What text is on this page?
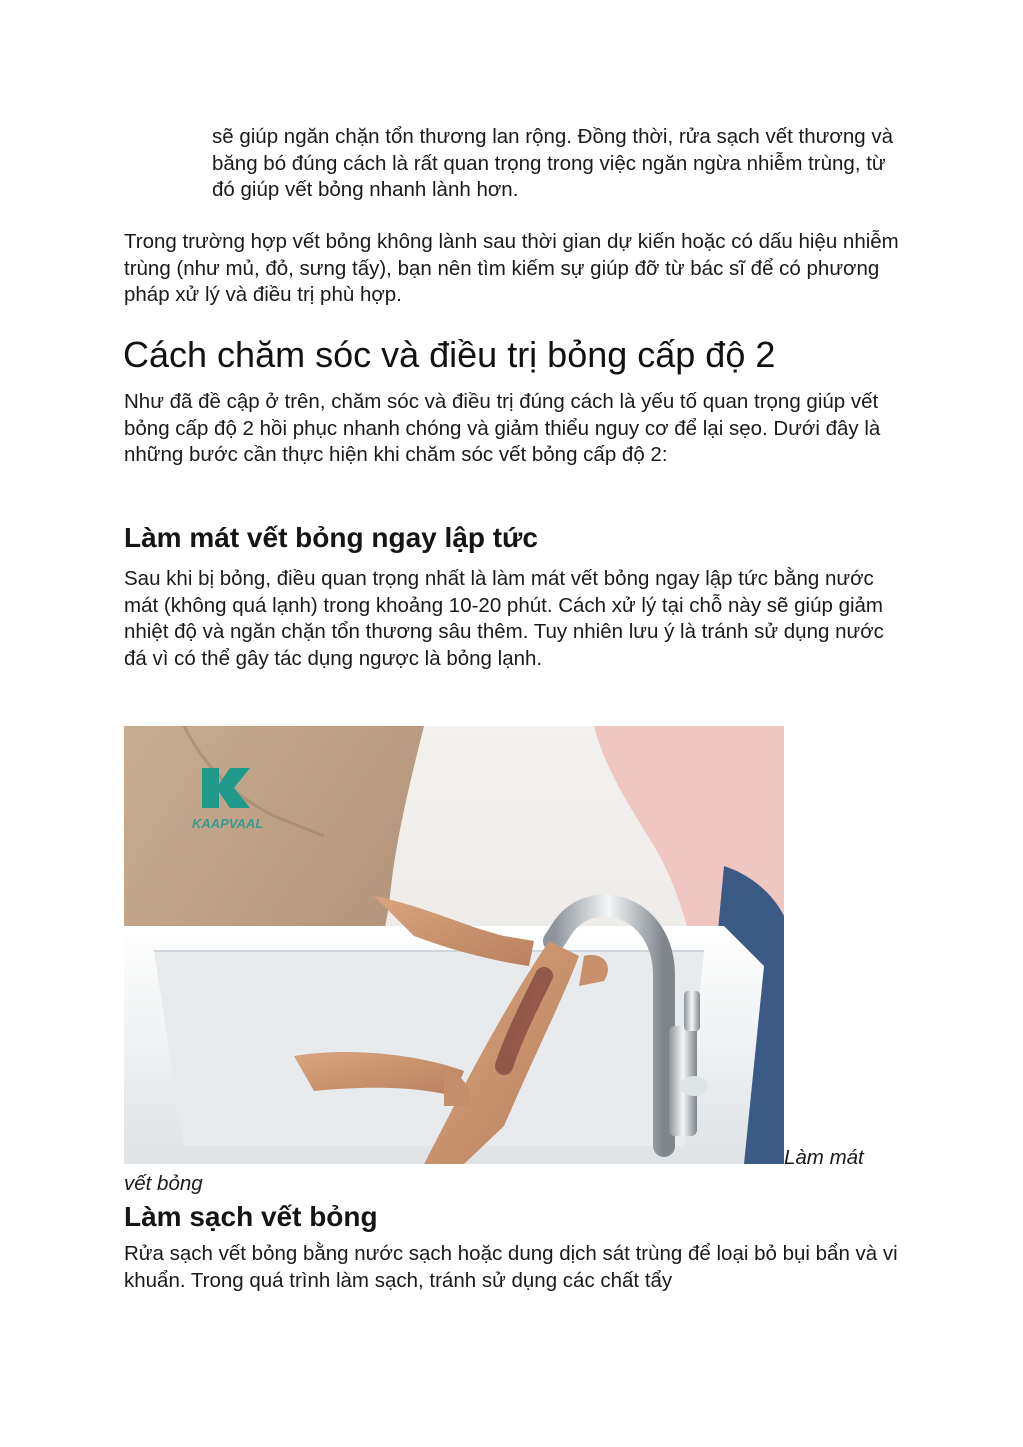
sẽ giúp ngăn chặn tổn thương lan rộng. Đồng thời, rửa sạch vết thương và băng bó đúng cách là rất quan trọng trong việc ngăn ngừa nhiễm trùng, từ đó giúp vết bỏng nhanh lành hơn.

Trong trường hợp vết bỏng không lành sau thời gian dự kiến hoặc có dấu hiệu nhiễm trùng (như mủ, đỏ, sưng tấy), bạn nên tìm kiếm sự giúp đỡ từ bác sĩ để có phương pháp xử lý và điều trị phù hợp.

Cách chăm sóc và điều trị bỏng cấp độ 2

Như đã đề cập ở trên, chăm sóc và điều trị đúng cách là yếu tố quan trọng giúp vết bỏng cấp độ 2 hồi phục nhanh chóng và giảm thiểu nguy cơ để lại sẹo. Dưới đây là những bước cần thực hiện khi chăm sóc vết bỏng cấp độ 2:

Làm mát vết bỏng ngay lập tức

Sau khi bị bỏng, điều quan trọng nhất là làm mát vết bỏng ngay lập tức bằng nước mát (không quá lạnh) trong khoảng 10-20 phút. Cách xử lý tại chỗ này sẽ giúp giảm nhiệt độ và ngăn chặn tổn thương sâu thêm. Tuy nhiên lưu ý là tránh sử dụng nước đá vì có thể gây tác dụng ngược là bỏng lạnh.

KAAPVAAL

Làm mát

vết bỏng

Làm sạch vết bỏng

Rửa sạch vết bỏng bằng nước sạch hoặc dung dịch sát trùng để loại bỏ bụi bẩn và vi khuẩn. Trong quá trình làm sạch, tránh sử dụng các chất tẩy
